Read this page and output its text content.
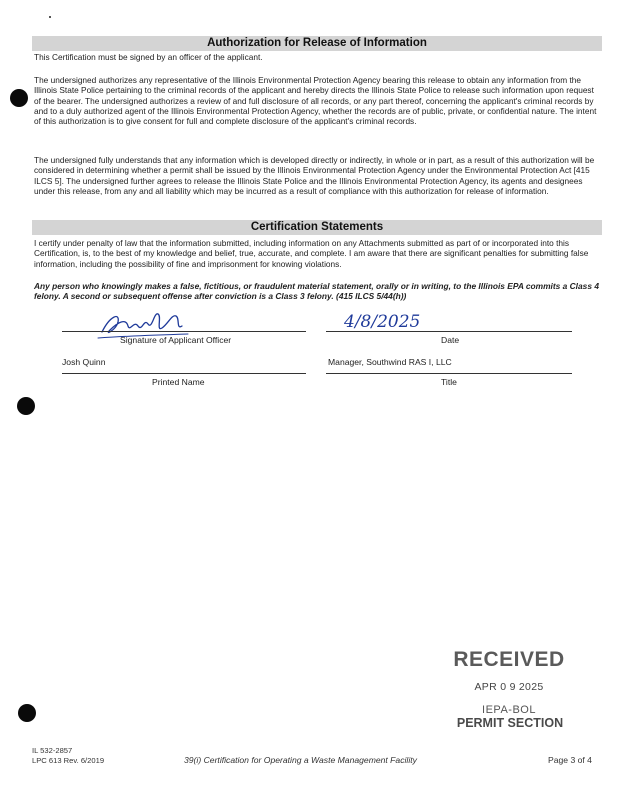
Authorization for Release of Information

This Certification must be signed by an officer of the applicant.

The undersigned authorizes any representative of the Illinois Environmental Protection Agency bearing this release to obtain any information from the Illinois State Police pertaining to the criminal records of the applicant and hereby directs the Illinois State Police to release such information upon request of the bearer. The undersigned authorizes a review of and full disclosure of all records, or any part thereof, concerning the applicant's criminal records by and to a duly authorized agent of the Illinois Environmental Protection Agency, whether the records are of public, private, or confidential nature. The intent of this authorization is to give consent for full and complete disclosure of the applicant's criminal records.

The undersigned fully understands that any information which is developed directly or indirectly, in whole or in part, as a result of this authorization will be considered in determining whether a permit shall be issued by the Illinois Environmental Protection Agency under the Environmental Protection Act [415 ILCS 5]. The undersigned further agrees to release the Illinois State Police and the Illinois Environmental Protection Agency, its agents and designees under this release, from any and all liability which may be incurred as a result of compliance with this authorization for release of information.

Certification Statements

I certify under penalty of law that the information submitted, including information on any Attachments submitted as part of or incorporated into this Certification, is, to the best of my knowledge and belief, true, accurate, and complete. I am aware that there are significant penalties for submitting false information, including the possibility of fine and imprisonment for knowing violations.

Any person who knowingly makes a false, fictitious, or fraudulent material statement, orally or in writing, to the Illinois EPA commits a Class 4 felony. A second or subsequent offense after conviction is a Class 3 felony. (415 ILCS 5/44(h))

Signature of Applicant Officer
4/8/2025
Date
Josh Quinn
Printed Name
Manager, Southwind RAS I, LLC
Title
RECEIVED
APR 0 9 2025
IEPA-BOL
PERMIT SECTION
IL 532-2857
LPC 613 Rev. 6/2019	39(i) Certification for Operating a Waste Management Facility	Page 3 of 4
